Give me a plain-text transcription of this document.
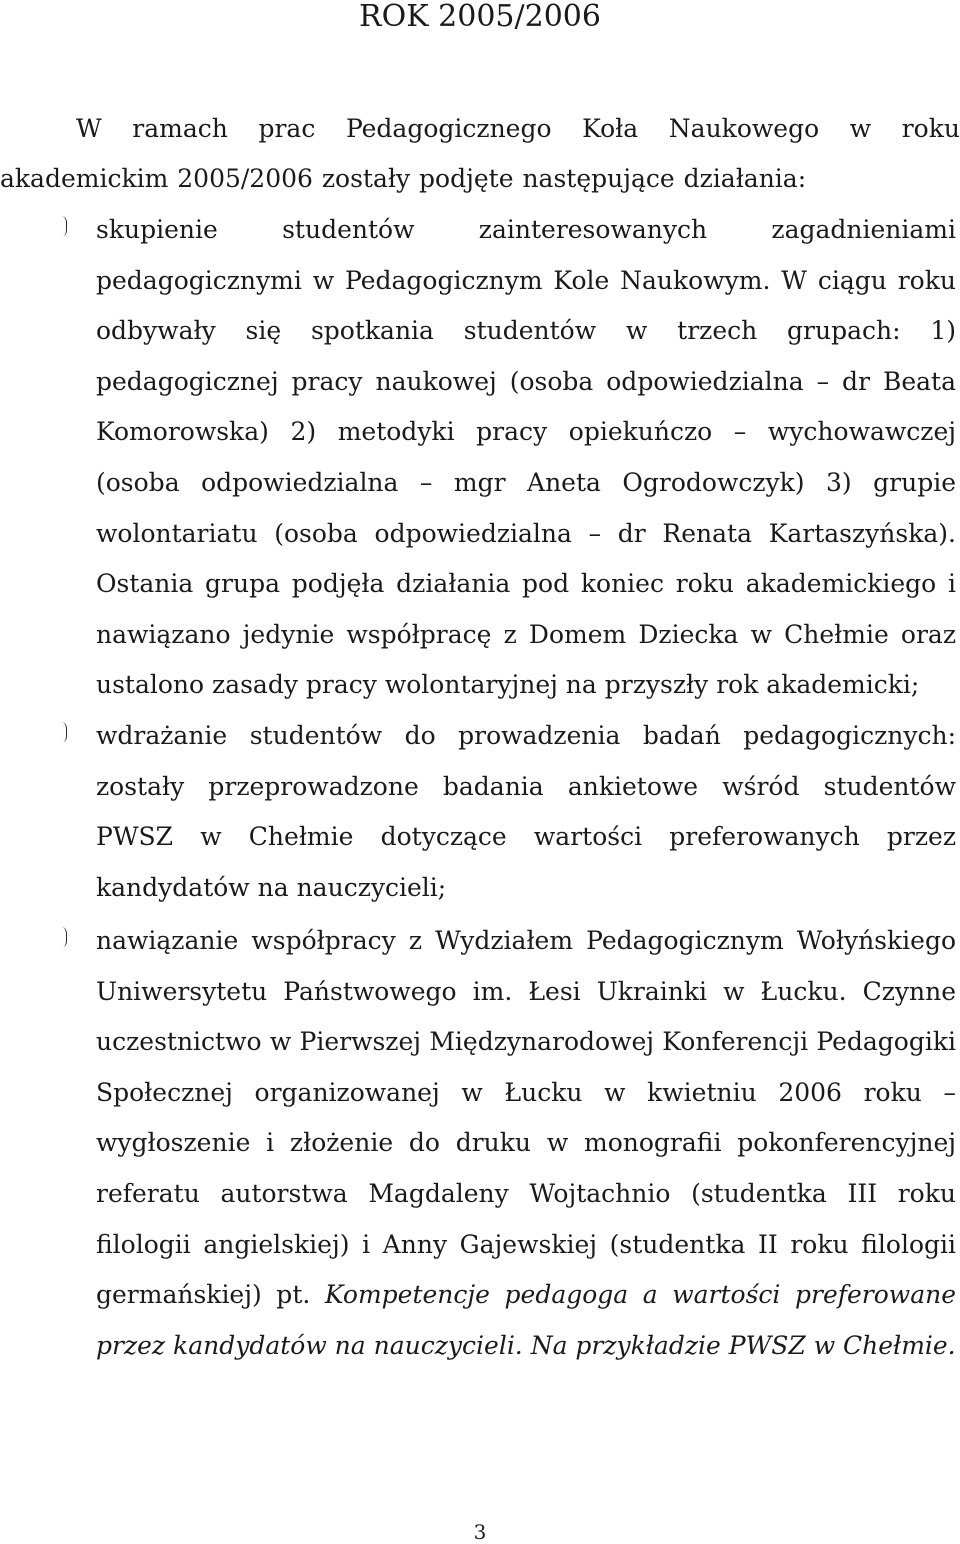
ROK 2005/2006

W ramach prac Pedagogicznego Koła Naukowego w roku akademickim 2005/2006 zostały podjęte następujące działania:

skupienie studentów zainteresowanych zagadnieniami pedagogicznymi w Pedagogicznym Kole Naukowym. W ciągu roku odbywały się spotkania studentów w trzech grupach: 1) pedagogicznej pracy naukowej (osoba odpowiedzialna – dr Beata Komorowska) 2) metodyki pracy opiekuńczo – wychowawczej (osoba odpowiedzialna – mgr Aneta Ogrodowczyk) 3) grupie wolontariatu (osoba odpowiedzialna – dr Renata Kartaszyńska). Ostania grupa podjęła działania pod koniec roku akademickiego i nawiązano jedynie współpracę z Domem Dziecka w Chełmie oraz ustalono zasady pracy wolontaryjnej na przyszły rok akademicki;

wdrażanie studentów do prowadzenia badań pedagogicznych: zostały przeprowadzone badania ankietowe wśród studentów PWSZ w Chełmie dotyczące wartości preferowanych przez kandydatów na nauczycieli;

nawiązanie współpracy z Wydziałem Pedagogicznym Wołyńskiego Uniwersytetu Państwowego im. Łesi Ukrainki w Łucku. Czynne uczestnictwo w Pierwszej Międzynarodowej Konferencji Pedagogiki Społecznej organizowanej w Łucku w kwietniu 2006 roku – wygłoszenie i złożenie do druku w monografii pokonferencyjnej referatu autorstwa Magdaleny Wojtachnio (studentka III roku filologii angielskiej) i Anny Gajewskiej (studentka II roku filologii germańskiej) pt. Kompetencje pedagoga a wartości preferowane przez kandydatów na nauczycieli. Na przykładzie PWSZ w Chełmie.

3
